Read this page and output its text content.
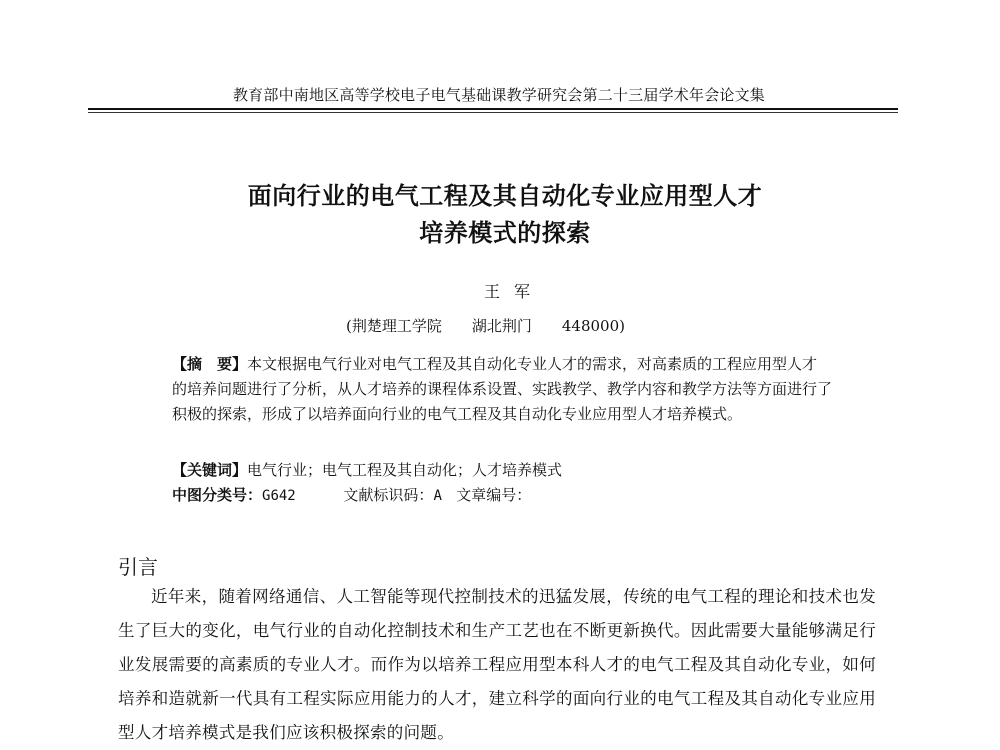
教育部中南地区高等学校电子电气基础课教学研究会第二十三届学术年会论文集
面向行业的电气工程及其自动化专业应用型人才
培养模式的探索
王军
(荆楚理工学院　　湖北荆门　　448000)
【摘　要】本文根据电气行业对电气工程及其自动化专业人才的需求，对高素质的工程应用型人才的培养问题进行了分析，从人才培养的课程体系设置、实践教学、教学内容和教学方法等方面进行了积极的探索，形成了以培养面向行业的电气工程及其自动化专业应用型人才培养模式。
【关键词】电气行业；电气工程及其自动化；人才培养模式
中图分类号：G642	文献标识码：A 文章编号：
引言
近年来，随着网络通信、人工智能等现代控制技术的迅猛发展，传统的电气工程的理论和技术也发生了巨大的变化，电气行业的自动化控制技术和生产工艺也在不断更新换代。因此需要大量能够满足行业发展需要的高素质的专业人才。而作为以培养工程应用型本科人才的电气工程及其自动化专业，如何培养和造就新一代具有工程实际应用能力的人才，建立科学的面向行业的电气工程及其自动化专业应用型人才培养模式是我们应该积极探索的问题。
